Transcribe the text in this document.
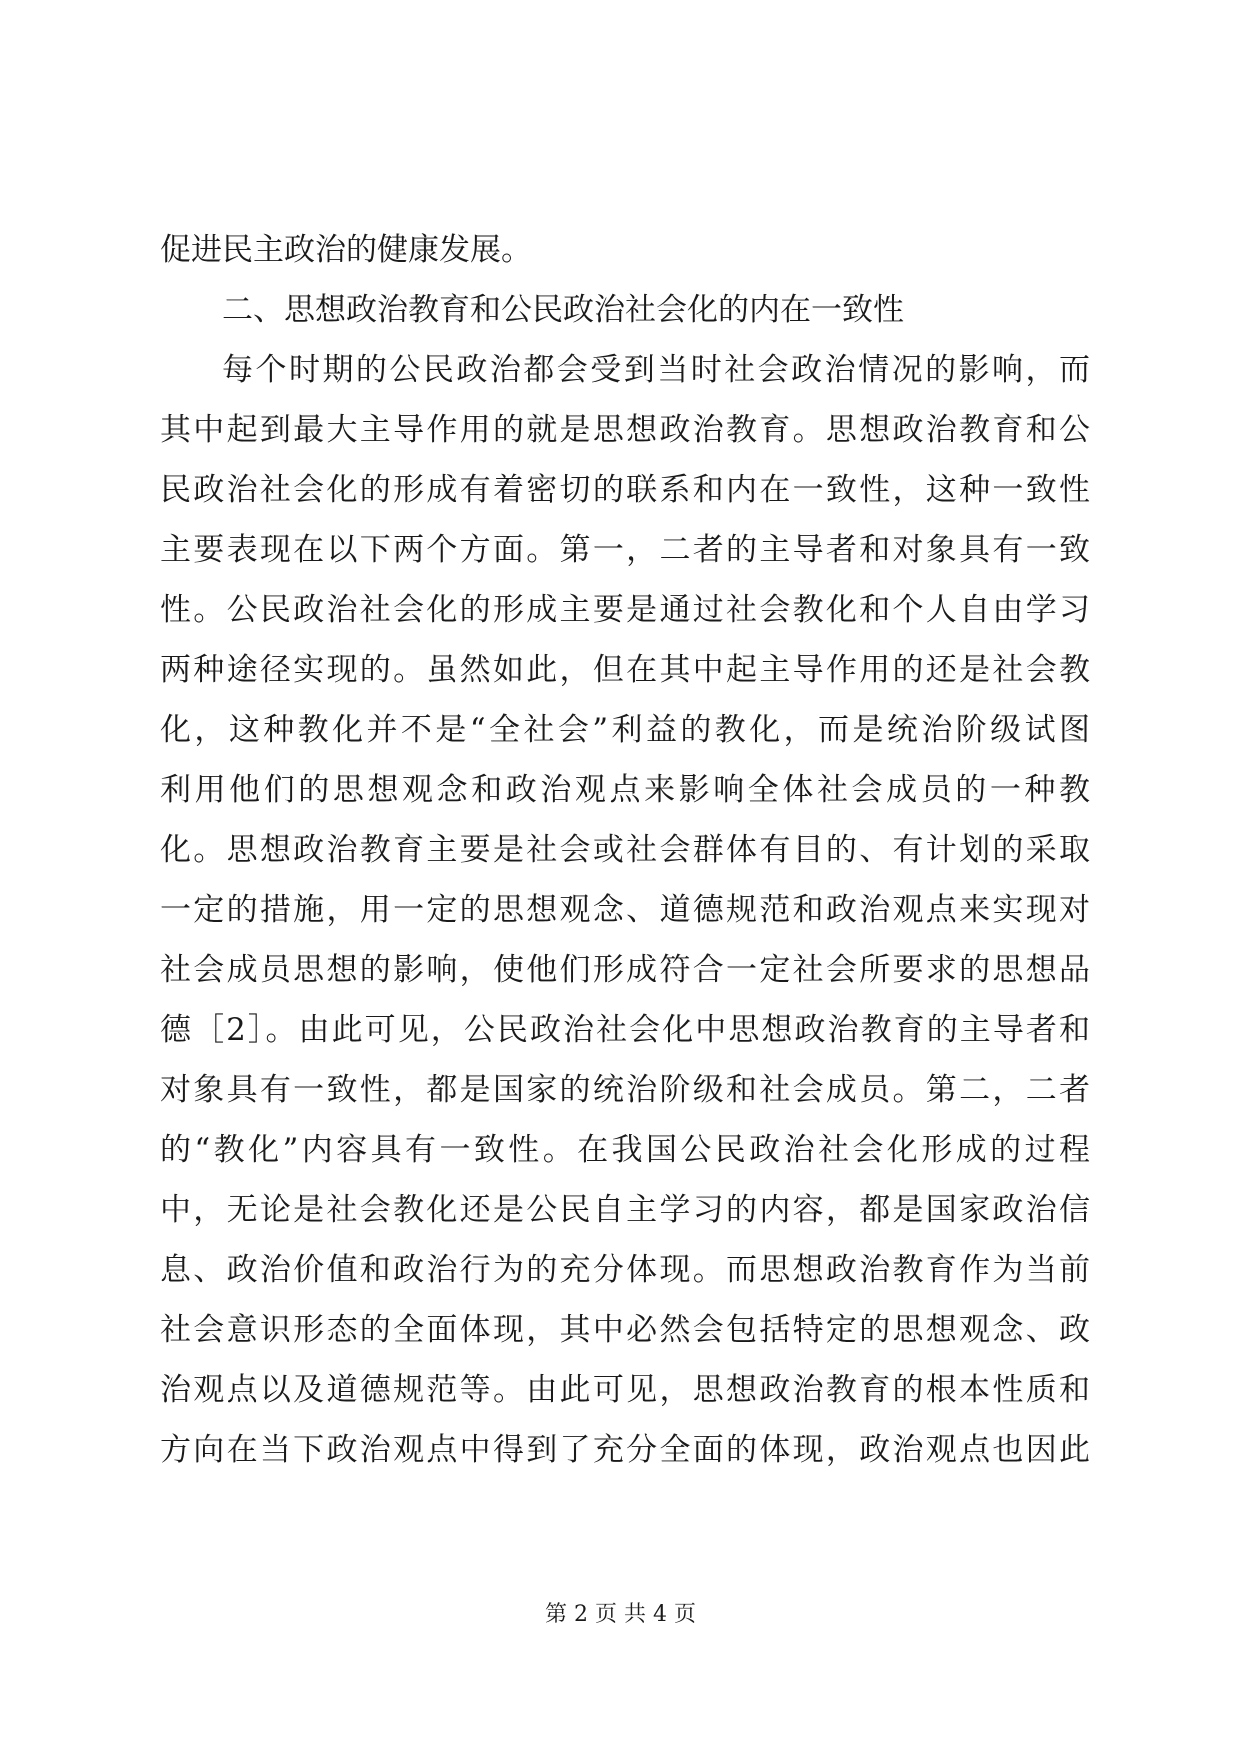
促进民主政治的健康发展。
二、思想政治教育和公民政治社会化的内在一致性
每个时期的公民政治都会受到当时社会政治情况的影响，而
其中起到最大主导作用的就是思想政治教育。思想政治教育和公
民政治社会化的形成有着密切的联系和内在一致性，这种一致性
主要表现在以下两个方面。第一，二者的主导者和对象具有一致
性。公民政治社会化的形成主要是通过社会教化和个人自由学习
两种途径实现的。虽然如此，但在其中起主导作用的还是社会教
化，这种教化并不是“全社会”利益的教化，而是统治阶级试图
利用他们的思想观念和政治观点来影响全体社会成员的一种教
化。思想政治教育主要是社会或社会群体有目的、有计划的采取
一定的措施，用一定的思想观念、道德规范和政治观点来实现对
社会成员思想的影响，使他们形成符合一定社会所要求的思想品
德［2］。由此可见，公民政治社会化中思想政治教育的主导者和
对象具有一致性，都是国家的统治阶级和社会成员。第二，二者
的“教化”内容具有一致性。在我国公民政治社会化形成的过程
中，无论是社会教化还是公民自主学习的内容，都是国家政治信
息、政治价值和政治行为的充分体现。而思想政治教育作为当前
社会意识形态的全面体现，其中必然会包括特定的思想观念、政
治观点以及道德规范等。由此可见，思想政治教育的根本性质和
方向在当下政治观点中得到了充分全面的体现，政治观点也因此
第 2 页 共 4 页
